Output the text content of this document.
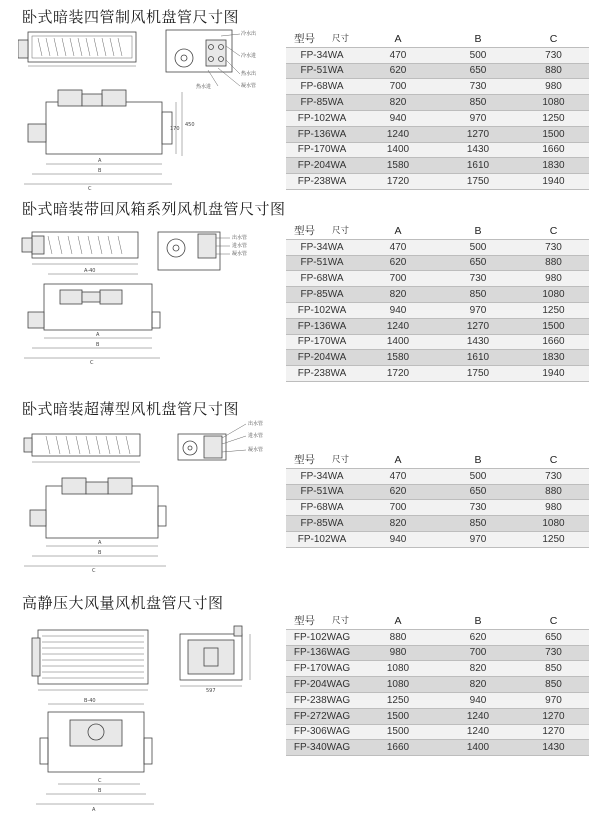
卧式暗装四管制风机盘管尺寸图
冷水出
冷水进
热水出
凝水管
热水进
A
B
C
170
450
型号 尺寸	A	B	C
FP-34WA	470	500	730
FP-51WA	620	650	880
FP-68WA	700	730	980
FP-85WA	820	850	1080
FP-102WA	940	970	1250
FP-136WA	1240	1270	1500
FP-170WA	1400	1430	1660
FP-204WA	1580	1610	1830
FP-238WA	1720	1750	1940
卧式暗装带回风箱系列风机盘管尺寸图
出水管
进水管
凝水管
A-40
A
B
C
型号 尺寸	A	B	C
FP-34WA	470	500	730
FP-51WA	620	650	880
FP-68WA	700	730	980
FP-85WA	820	850	1080
FP-102WA	940	970	1250
FP-136WA	1240	1270	1500
FP-170WA	1400	1430	1660
FP-204WA	1580	1610	1830
FP-238WA	1720	1750	1940
卧式暗装超薄型风机盘管尺寸图
出水管
进水管
凝水管
A
B
C
型号 尺寸	A	B	C
FP-34WA	470	500	730
FP-51WA	620	650	880
FP-68WA	700	730	980
FP-85WA	820	850	1080
FP-102WA	940	970	1250
高静压大风量风机盘管尺寸图
597
B-40
C
B
A
型号 尺寸	A	B	C
FP-102WAG	880	620	650
FP-136WAG	980	700	730
FP-170WAG	1080	820	850
FP-204WAG	1080	820	850
FP-238WAG	1250	940	970
FP-272WAG	1500	1240	1270
FP-306WAG	1500	1240	1270
FP-340WAG	1660	1400	1430
